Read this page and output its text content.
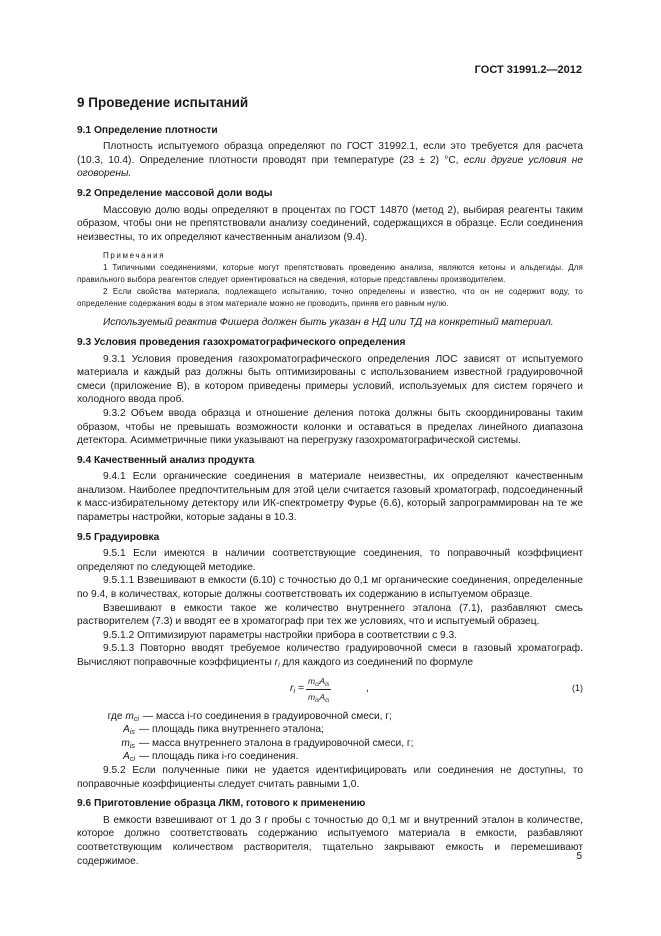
ГОСТ 31991.2—2012
9 Проведение испытаний
9.1 Определение плотности

Плотность испытуемого образца определяют по ГОСТ 31992.1, если это требуется для расчета (10.3, 10.4). Определение плотности проводят при температуре (23 ± 2) °С, если другие условия не оговорены.

9.2 Определение массовой доли воды

Массовую долю воды определяют в процентах по ГОСТ 14870 (метод 2), выбирая реагенты таким образом, чтобы они не препятствовали анализу соединений, содержащихся в образце. Если соединения неизвестны, то их определяют качественным анализом (9.4).

Примечания

1 Типичными соединениями, которые могут препятствовать проведению анализа, являются кетоны и альдегиды. Для правильного выбора реагентов следует ориентироваться на сведения, которые представлены производителем.

2 Если свойства материала, подлежащего испытанию, точно определены и известно, что он не содержит воду, то определение содержания воды в этом материале можно не проводить, приняв его равным нулю.

Используемый реактив Фишера должен быть указан в НД или ТД на конкретный материал.

9.3 Условия проведения газохроматографического определения

9.3.1 Условия проведения газохроматографического определения ЛОС зависят от испытуемого материала и каждый раз должны быть оптимизированы с использованием известной градуировочной смеси (приложение В), в котором приведены примеры условий, используемых для систем горячего и холодного ввода проб.

9.3.2 Объем ввода образца и отношение деления потока должны быть скоординированы таким образом, чтобы не превышать возможности колонки и оставаться в пределах линейного диапазона детектора. Асимметричные пики указывают на перегрузку газохроматографической системы.

9.4 Качественный анализ продукта

9.4.1 Если органические соединения в материале неизвестны, их определяют качественным анализом. Наиболее предпочтительным для этой цели считается газовый хроматограф, подсоединенный к масс-избирательному детектору или ИК-спектрометру Фурье (6.6), который запрограммирован на те же параметры настройки, которые заданы в 10.3.

9.5 Градуировка

9.5.1 Если имеются в наличии соответствующие соединения, то поправочный коэффициент определяют по следующей методике.

9.5.1.1 Взвешивают в емкости (6.10) с точностью до 0,1 мг органические соединения, определенные по 9.4, в количествах, которые должны соответствовать их содержанию в испытуемом образце.

Взвешивают в емкости такое же количество внутреннего эталона (7.1), разбавляют смесь растворителем (7.3) и вводят ее в хроматограф при тех же условиях, что и испытуемый образец.

9.5.1.2 Оптимизируют параметры настройки прибора в соответствии с 9.3.

9.5.1.3 Повторно вводят требуемое количество градуировочной смеси в газовый хроматограф. Вычисляют поправочные коэффициенты $r_i$ для каждого из соединений по формуле

$r_i$ =
$m_{ci}A_{is}$
$m_{is}A_{ci}$
,	(1)
где $m_{ci}$ — масса i-го соединения в градуировочной смеси, г;
$A_{is}$ — площадь пика внутреннего эталона;
$m_{is}$ — масса внутреннего эталона в градуировочной смеси, г;
$A_{ci}$ — площадь пика i-го соединения.

9.5.2 Если полученные пики не удается идентифицировать или соединения не доступны, то поправочные коэффициенты следует считать равными 1,0.

9.6 Приготовление образца ЛКМ, готового к применению

В емкости взвешивают от 1 до 3 г пробы с точностью до 0,1 мг и внутренний эталон в количестве, которое должно соответствовать содержанию испытуемого материала в емкости, разбавляют соответствующим количеством растворителя, тщательно закрывают емкость и перемешивают содержимое.	5
